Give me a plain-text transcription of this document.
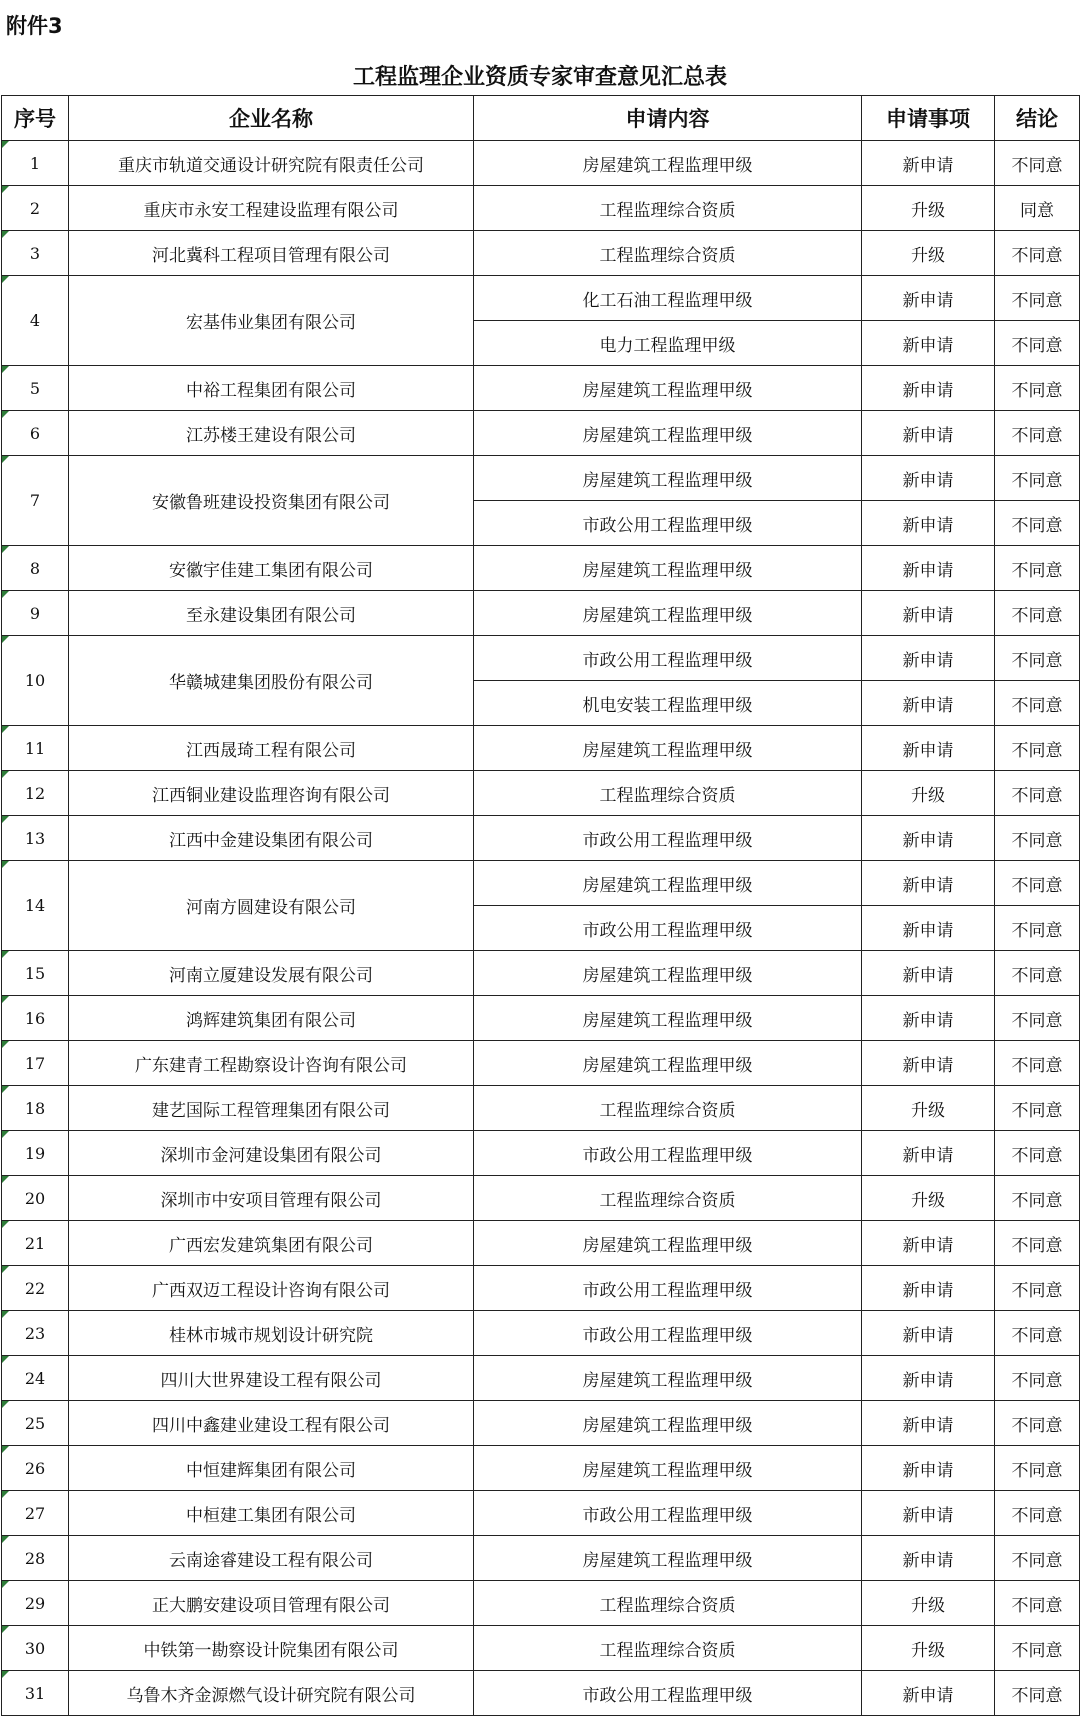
附件3
工程监理企业资质专家审查意见汇总表
序号	企业名称	申请内容	申请事项	结论

1	重庆市轨道交通设计研究院有限责任公司	房屋建筑工程监理甲级	新申请	不同意

2	重庆市永安工程建设监理有限公司	工程监理综合资质	升级	同意

3	河北冀科工程项目管理有限公司	工程监理综合资质	升级	不同意

4	宏基伟业集团有限公司	化工石油工程监理甲级	新申请	不同意
		电力工程监理甲级	新申请	不同意

5	中裕工程集团有限公司	房屋建筑工程监理甲级	新申请	不同意

6	江苏楼王建设有限公司	房屋建筑工程监理甲级	新申请	不同意

7	安徽鲁班建设投资集团有限公司	房屋建筑工程监理甲级	新申请	不同意
		市政公用工程监理甲级	新申请	不同意

8	安徽宇佳建工集团有限公司	房屋建筑工程监理甲级	新申请	不同意

9	至永建设集团有限公司	房屋建筑工程监理甲级	新申请	不同意

10	华赣城建集团股份有限公司	市政公用工程监理甲级	新申请	不同意
		机电安装工程监理甲级	新申请	不同意

11	江西晟琦工程有限公司	房屋建筑工程监理甲级	新申请	不同意

12	江西铜业建设监理咨询有限公司	工程监理综合资质	升级	不同意

13	江西中金建设集团有限公司	市政公用工程监理甲级	新申请	不同意

14	河南方圆建设有限公司	房屋建筑工程监理甲级	新申请	不同意
		市政公用工程监理甲级	新申请	不同意

15	河南立厦建设发展有限公司	房屋建筑工程监理甲级	新申请	不同意

16	鸿辉建筑集团有限公司	房屋建筑工程监理甲级	新申请	不同意

17	广东建青工程勘察设计咨询有限公司	房屋建筑工程监理甲级	新申请	不同意

18	建艺国际工程管理集团有限公司	工程监理综合资质	升级	不同意

19	深圳市金河建设集团有限公司	市政公用工程监理甲级	新申请	不同意

20	深圳市中安项目管理有限公司	工程监理综合资质	升级	不同意

21	广西宏发建筑集团有限公司	房屋建筑工程监理甲级	新申请	不同意

22	广西双迈工程设计咨询有限公司	市政公用工程监理甲级	新申请	不同意

23	桂林市城市规划设计研究院	市政公用工程监理甲级	新申请	不同意

24	四川大世界建设工程有限公司	房屋建筑工程监理甲级	新申请	不同意

25	四川中鑫建业建设工程有限公司	房屋建筑工程监理甲级	新申请	不同意

26	中恒建辉集团有限公司	房屋建筑工程监理甲级	新申请	不同意

27	中桓建工集团有限公司	市政公用工程监理甲级	新申请	不同意

28	云南途睿建设工程有限公司	房屋建筑工程监理甲级	新申请	不同意

29	正大鹏安建设项目管理有限公司	工程监理综合资质	升级	不同意

30	中铁第一勘察设计院集团有限公司	工程监理综合资质	升级	不同意

31	乌鲁木齐金源燃气设计研究院有限公司	市政公用工程监理甲级	新申请	不同意
